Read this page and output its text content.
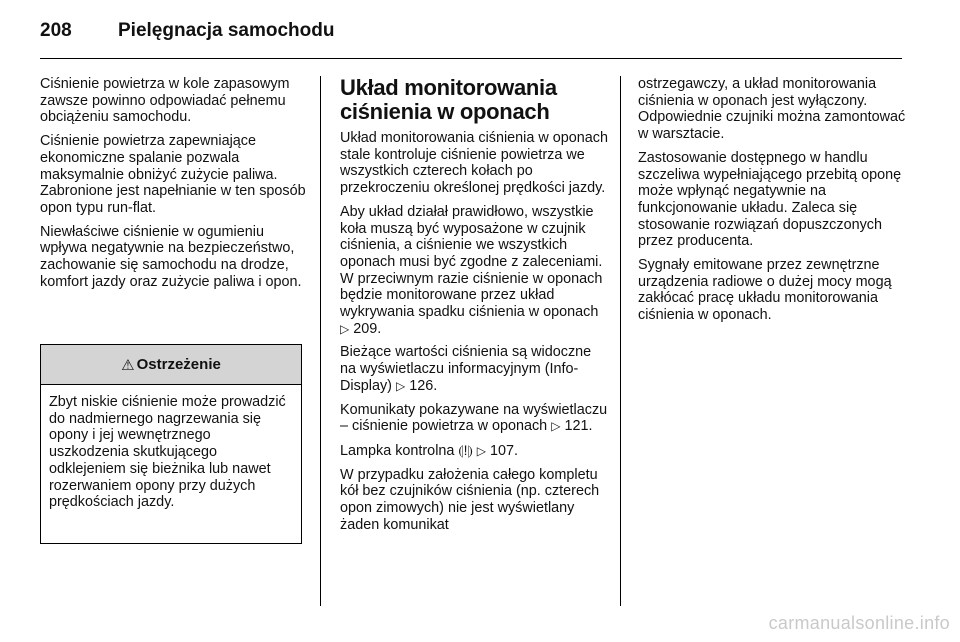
208 Pielęgnacja samochodu

Ciśnienie powietrza w kole zapasowym zawsze powinno odpowiadać pełnemu obciążeniu samochodu.

Ciśnienie powietrza zapewniające ekonomiczne spalanie pozwala maksymalnie obniżyć zużycie paliwa. Zabronione jest napełnianie w ten sposób opon typu run-flat.

Niewłaściwe ciśnienie w ogumieniu wpływa negatywnie na bezpieczeństwo, zachowanie się samochodu na drodze, komfort jazdy oraz zużycie paliwa i opon.

⚠ Ostrzeżenie
Zbyt niskie ciśnienie może prowadzić do nadmiernego nagrzewania się opony i jej wewnętrznego uszkodzenia skutkującego odklejeniem się bieżnika lub nawet rozerwaniem opony przy dużych prędkościach jazdy.
Układ monitorowania ciśnienia w oponach

Układ monitorowania ciśnienia w oponach stale kontroluje ciśnienie powietrza we wszystkich czterech kołach po przekroczeniu określonej prędkości jazdy.

Aby układ działał prawidłowo, wszystkie koła muszą być wyposażone w czujnik ciśnienia, a ciśnienie we wszystkich oponach musi być zgodne z zaleceniami. W przeciwnym razie ciśnienie w oponach będzie monitorowane przez układ wykrywania spadku ciśnienia w oponach ▷ 209.

Bieżące wartości ciśnienia są widoczne na wyświetlaczu informacyjnym (Info-Display) ▷ 126.

Komunikaty pokazywane na wyświetlaczu – ciśnienie powietrza w oponach ▷ 121.

Lampka kontrolna ⦇!⦈ ▷ 107.

W przypadku założenia całego kompletu kół bez czujników ciśnienia (np. czterech opon zimowych) nie jest wyświetlany żaden komunikat

ostrzegawczy, a układ monitorowania ciśnienia w oponach jest wyłączony. Odpowiednie czujniki można zamontować w warsztacie.

Zastosowanie dostępnego w handlu szczeliwa wypełniającego przebitą oponę może wpłynąć negatywnie na funkcjonowanie układu. Zaleca się stosowanie rozwiązań dopuszczonych przez producenta.

Sygnały emitowane przez zewnętrzne urządzenia radiowe o dużej mocy mogą zakłócać pracę układu monitorowania ciśnienia w oponach.

carmanualsonline.info
